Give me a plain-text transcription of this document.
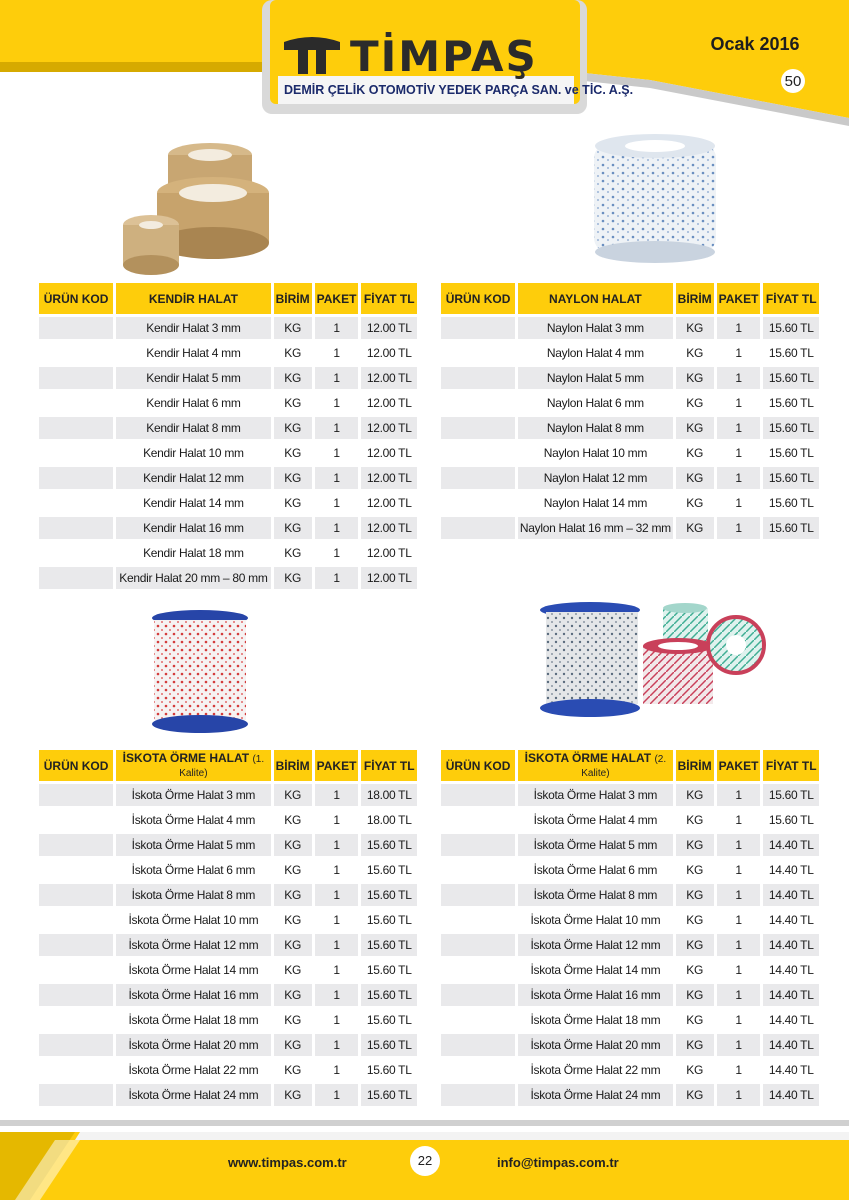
TİMPAŞ
DEMİR ÇELİK OTOMOTİV YEDEK PARÇA SAN. ve TİC. A.Ş.
Ocak 2016
50
ÜRÜN KOD	KENDİR HALAT	BİRİM	PAKET	FİYAT TL
	Kendir Halat 3 mm	KG	1	12.00 TL
	Kendir Halat 4 mm	KG	1	12.00 TL
	Kendir Halat 5 mm	KG	1	12.00 TL
	Kendir Halat 6 mm	KG	1	12.00 TL
	Kendir Halat 8 mm	KG	1	12.00 TL
	Kendir Halat 10 mm	KG	1	12.00 TL
	Kendir Halat 12 mm	KG	1	12.00 TL
	Kendir Halat 14 mm	KG	1	12.00 TL
	Kendir Halat 16 mm	KG	1	12.00 TL
	Kendir Halat 18 mm	KG	1	12.00 TL
	Kendir Halat 20 mm – 80 mm	KG	1	12.00 TL
ÜRÜN KOD	NAYLON HALAT	BİRİM	PAKET	FİYAT TL
	Naylon Halat 3 mm	KG	1	15.60 TL
	Naylon Halat 4 mm	KG	1	15.60 TL
	Naylon Halat 5 mm	KG	1	15.60 TL
	Naylon Halat 6 mm	KG	1	15.60 TL
	Naylon Halat 8 mm	KG	1	15.60 TL
	Naylon Halat 10 mm	KG	1	15.60 TL
	Naylon Halat 12 mm	KG	1	15.60 TL
	Naylon Halat 14 mm	KG	1	15.60 TL
	Naylon Halat 16 mm – 32 mm	KG	1	15.60 TL
ÜRÜN KOD	İSKOTA ÖRME HALAT (1. Kalite)	BİRİM	PAKET	FİYAT TL
	İskota Örme Halat 3 mm	KG	1	18.00 TL
	İskota Örme Halat 4 mm	KG	1	18.00 TL
	İskota Örme Halat 5 mm	KG	1	15.60 TL
	İskota Örme Halat 6 mm	KG	1	15.60 TL
	İskota Örme Halat 8 mm	KG	1	15.60 TL
	İskota Örme Halat 10 mm	KG	1	15.60 TL
	İskota Örme Halat 12 mm	KG	1	15.60 TL
	İskota Örme Halat 14 mm	KG	1	15.60 TL
	İskota Örme Halat 16 mm	KG	1	15.60 TL
	İskota Örme Halat 18 mm	KG	1	15.60 TL
	İskota Örme Halat 20 mm	KG	1	15.60 TL
	İskota Örme Halat 22 mm	KG	1	15.60 TL
	İskota Örme Halat 24 mm	KG	1	15.60 TL
ÜRÜN KOD	İSKOTA ÖRME HALAT (2. Kalite)	BİRİM	PAKET	FİYAT TL
	İskota Örme Halat 3 mm	KG	1	15.60 TL
	İskota Örme Halat 4 mm	KG	1	15.60 TL
	İskota Örme Halat 5 mm	KG	1	14.40 TL
	İskota Örme Halat 6 mm	KG	1	14.40 TL
	İskota Örme Halat 8 mm	KG	1	14.40 TL
	İskota Örme Halat 10 mm	KG	1	14.40 TL
	İskota Örme Halat 12 mm	KG	1	14.40 TL
	İskota Örme Halat 14 mm	KG	1	14.40 TL
	İskota Örme Halat 16 mm	KG	1	14.40 TL
	İskota Örme Halat 18 mm	KG	1	14.40 TL
	İskota Örme Halat 20 mm	KG	1	14.40 TL
	İskota Örme Halat 22 mm	KG	1	14.40 TL
	İskota Örme Halat 24 mm	KG	1	14.40 TL
www.timpas.com.tr	22	info@timpas.com.tr
